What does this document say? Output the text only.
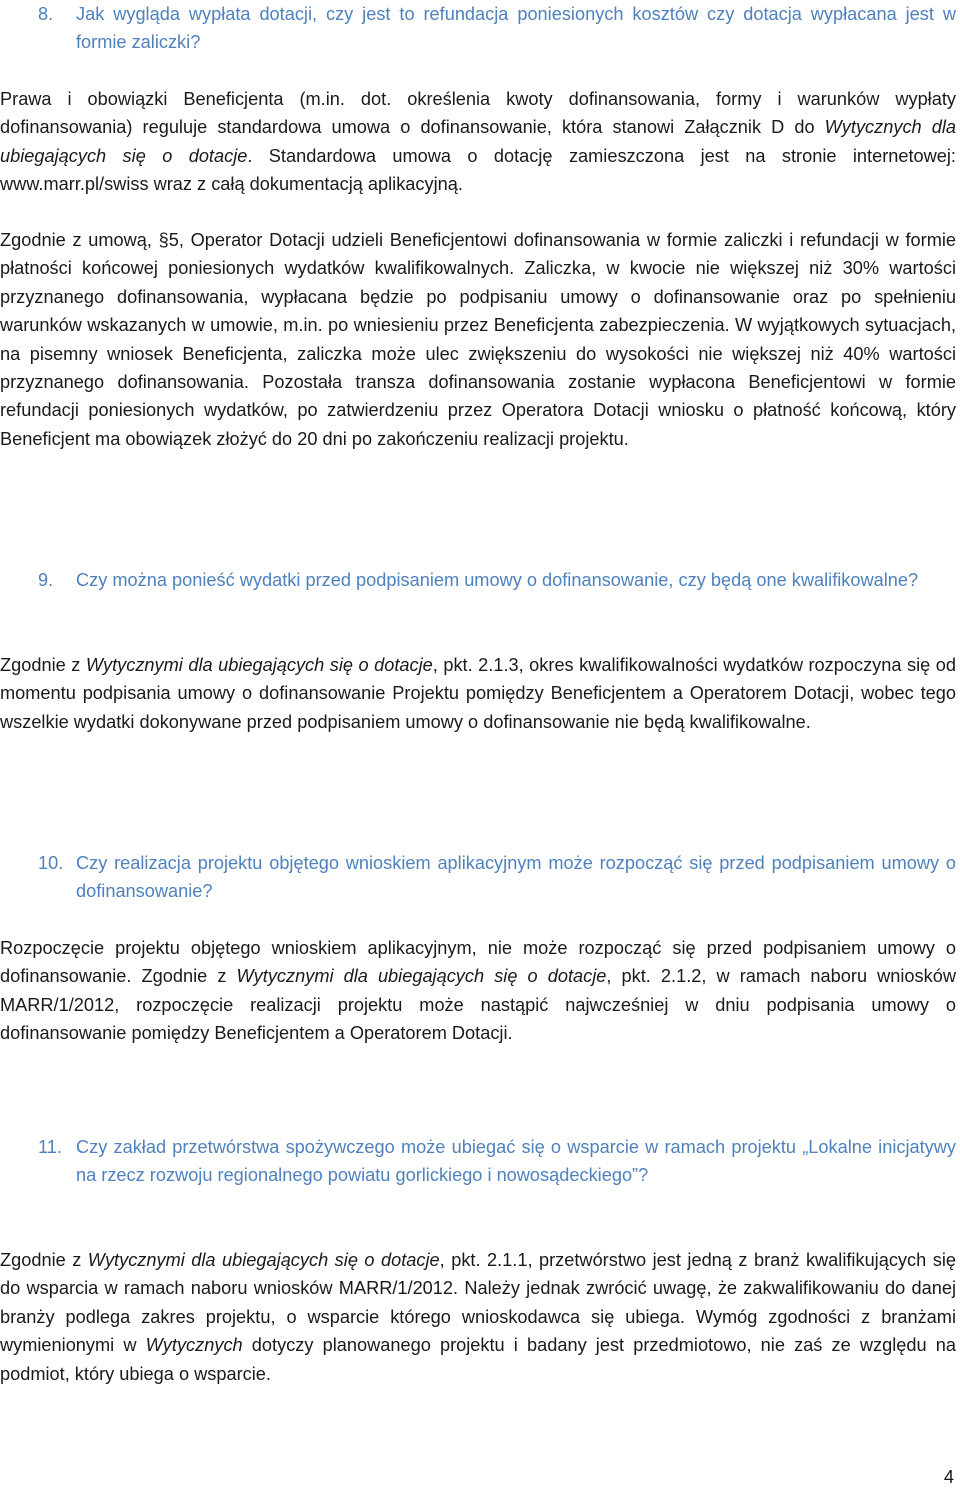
8.	Jak wygląda wypłata dotacji, czy jest to refundacja poniesionych kosztów czy dotacja wypłacana jest w formie zaliczki?
Prawa i obowiązki Beneficjenta (m.in. dot. określenia kwoty dofinansowania, formy i warunków wypłaty dofinansowania) reguluje standardowa umowa o dofinansowanie, która stanowi Załącznik D do Wytycznych dla ubiegających się o dotacje. Standardowa umowa o dotację zamieszczona jest na stronie internetowej: www.marr.pl/swiss wraz z całą dokumentacją aplikacyjną.
Zgodnie z umową, §5, Operator Dotacji udzieli Beneficjentowi dofinansowania w formie zaliczki i refundacji w formie płatności końcowej poniesionych wydatków kwalifikowalnych. Zaliczka, w kwocie nie większej niż 30% wartości przyznanego dofinansowania, wypłacana będzie po podpisaniu umowy o dofinansowanie oraz po spełnieniu warunków wskazanych w umowie, m.in. po wniesieniu przez Beneficjenta zabezpieczenia. W wyjątkowych sytuacjach, na pisemny wniosek Beneficjenta, zaliczka może ulec zwiększeniu do wysokości nie większej niż 40% wartości przyznanego dofinansowania. Pozostała transza dofinansowania zostanie wypłacona Beneficjentowi w formie refundacji poniesionych wydatków, po zatwierdzeniu przez Operatora Dotacji wniosku o płatność końcową, który Beneficjent ma obowiązek złożyć do 20 dni po zakończeniu realizacji projektu.
9.	Czy można ponieść wydatki przed podpisaniem umowy o dofinansowanie, czy będą one kwalifikowalne?
Zgodnie z Wytycznymi dla ubiegających się o dotacje, pkt. 2.1.3, okres kwalifikowalności wydatków rozpoczyna się od momentu podpisania umowy o dofinansowanie Projektu pomiędzy Beneficjentem a Operatorem Dotacji, wobec tego wszelkie wydatki dokonywane przed podpisaniem umowy o dofinansowanie nie będą kwalifikowalne.
10. Czy realizacja projektu objętego wnioskiem aplikacyjnym może rozpocząć się przed podpisaniem umowy o dofinansowanie?
Rozpoczęcie projektu objętego wnioskiem aplikacyjnym, nie może rozpocząć się przed podpisaniem umowy o dofinansowanie. Zgodnie z Wytycznymi dla ubiegających się o dotacje, pkt. 2.1.2, w ramach naboru wniosków MARR/1/2012, rozpoczęcie realizacji projektu może nastąpić najwcześniej w dniu podpisania umowy o dofinansowanie pomiędzy Beneficjentem a Operatorem Dotacji.
11. Czy zakład przetwórstwa spożywczego może ubiegać się o wsparcie w ramach projektu „Lokalne inicjatywy na rzecz rozwoju regionalnego powiatu gorlickiego i nowosądeckiego”?
Zgodnie z Wytycznymi dla ubiegających się o dotacje, pkt. 2.1.1, przetwórstwo jest jedną z branż kwalifikujących się do wsparcia w ramach naboru wniosków MARR/1/2012. Należy jednak zwrócić uwagę, że zakwalifikowaniu do danej branży podlega zakres projektu, o wsparcie którego wnioskodawca się ubiega. Wymóg zgodności z branżami wymienionymi w Wytycznych dotyczy planowanego projektu i badany jest przedmiotowo, nie zaś ze względu na podmiot, który ubiega o wsparcie.
4
